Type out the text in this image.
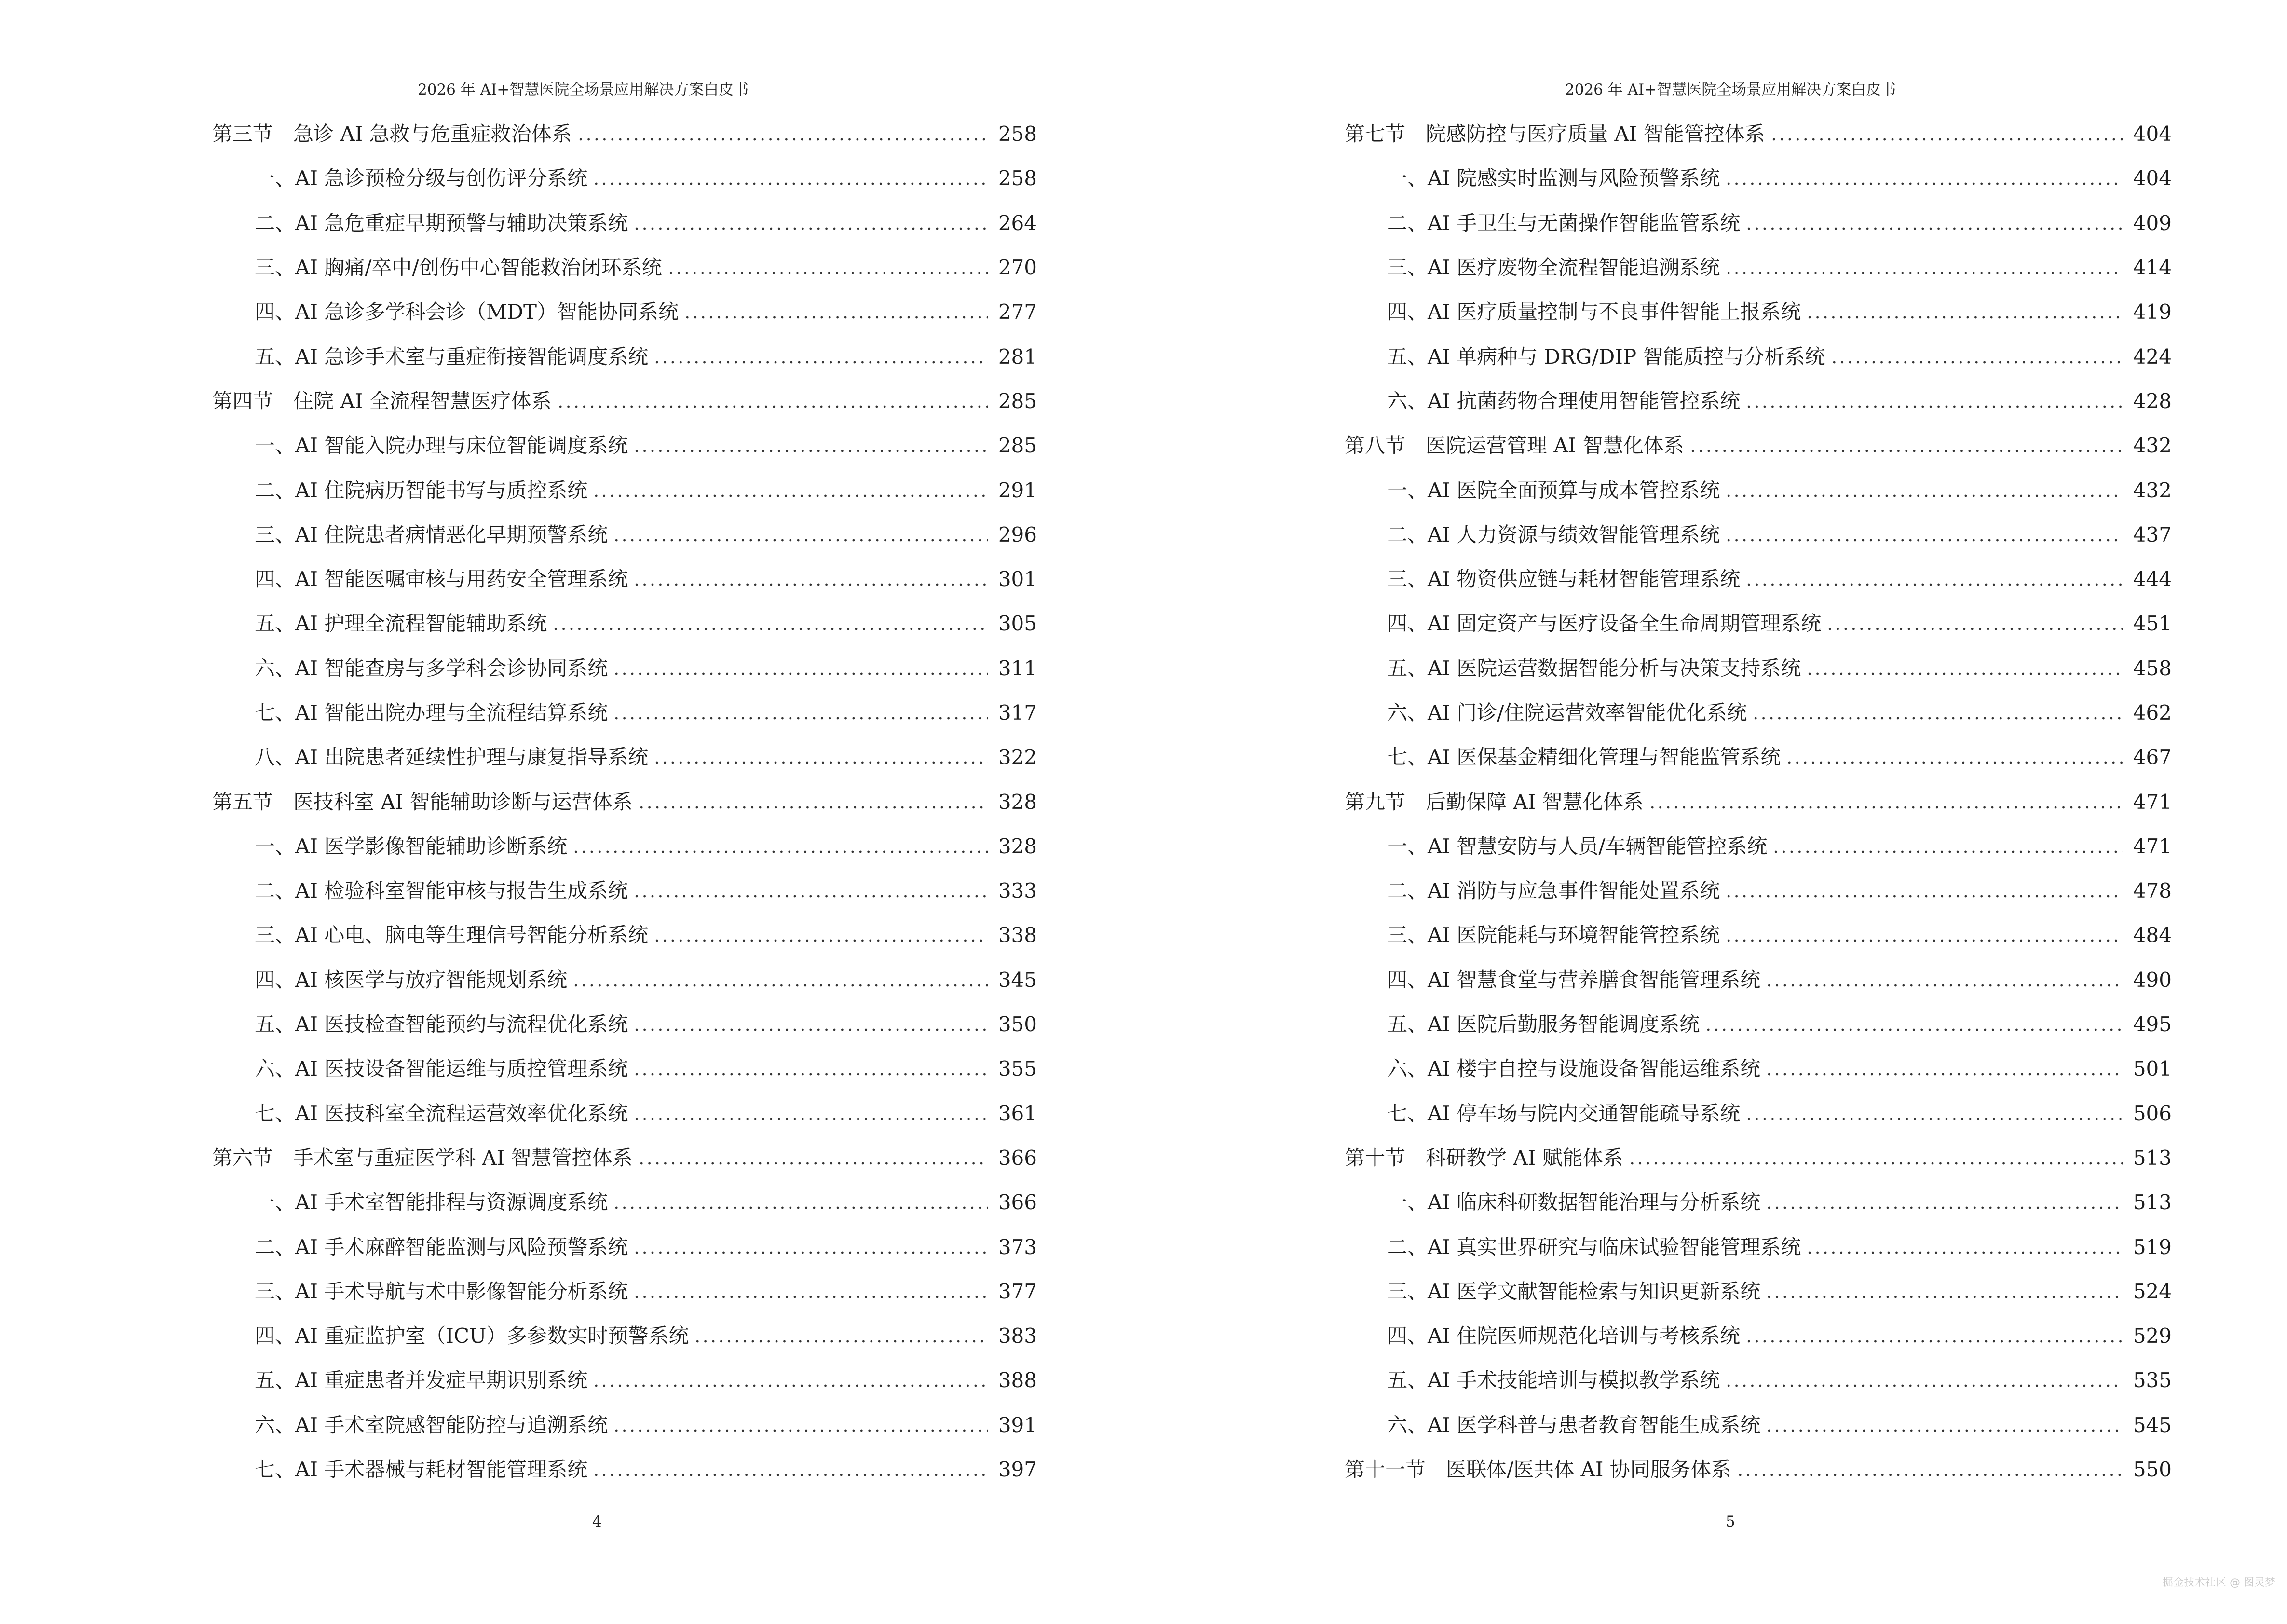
2026 年 AI+智慧医院全场景应用解决方案白皮书
第三节　急诊 AI 急救与危重症救治体系	258
一、AI 急诊预检分级与创伤评分系统	258
二、AI 急危重症早期预警与辅助决策系统	264
三、AI 胸痛/卒中/创伤中心智能救治闭环系统	270
四、AI 急诊多学科会诊（MDT）智能协同系统	277
五、AI 急诊手术室与重症衔接智能调度系统	281
第四节　住院 AI 全流程智慧医疗体系	285
一、AI 智能入院办理与床位智能调度系统	285
二、AI 住院病历智能书写与质控系统	291
三、AI 住院患者病情恶化早期预警系统	296
四、AI 智能医嘱审核与用药安全管理系统	301
五、AI 护理全流程智能辅助系统	305
六、AI 智能查房与多学科会诊协同系统	311
七、AI 智能出院办理与全流程结算系统	317
八、AI 出院患者延续性护理与康复指导系统	322
第五节　医技科室 AI 智能辅助诊断与运营体系	328
一、AI 医学影像智能辅助诊断系统	328
二、AI 检验科室智能审核与报告生成系统	333
三、AI 心电、脑电等生理信号智能分析系统	338
四、AI 核医学与放疗智能规划系统	345
五、AI 医技检查智能预约与流程优化系统	350
六、AI 医技设备智能运维与质控管理系统	355
七、AI 医技科室全流程运营效率优化系统	361
第六节　手术室与重症医学科 AI 智慧管控体系	366
一、AI 手术室智能排程与资源调度系统	366
二、AI 手术麻醉智能监测与风险预警系统	373
三、AI 手术导航与术中影像智能分析系统	377
四、AI 重症监护室（ICU）多参数实时预警系统	383
五、AI 重症患者并发症早期识别系统	388
六、AI 手术室院感智能防控与追溯系统	391
七、AI 手术器械与耗材智能管理系统	397
4
2026 年 AI+智慧医院全场景应用解决方案白皮书
第七节　院感防控与医疗质量 AI 智能管控体系	404
一、AI 院感实时监测与风险预警系统	404
二、AI 手卫生与无菌操作智能监管系统	409
三、AI 医疗废物全流程智能追溯系统	414
四、AI 医疗质量控制与不良事件智能上报系统	419
五、AI 单病种与 DRG/DIP 智能质控与分析系统	424
六、AI 抗菌药物合理使用智能管控系统	428
第八节　医院运营管理 AI 智慧化体系	432
一、AI 医院全面预算与成本管控系统	432
二、AI 人力资源与绩效智能管理系统	437
三、AI 物资供应链与耗材智能管理系统	444
四、AI 固定资产与医疗设备全生命周期管理系统	451
五、AI 医院运营数据智能分析与决策支持系统	458
六、AI 门诊/住院运营效率智能优化系统	462
七、AI 医保基金精细化管理与智能监管系统	467
第九节　后勤保障 AI 智慧化体系	471
一、AI 智慧安防与人员/车辆智能管控系统	471
二、AI 消防与应急事件智能处置系统	478
三、AI 医院能耗与环境智能管控系统	484
四、AI 智慧食堂与营养膳食智能管理系统	490
五、AI 医院后勤服务智能调度系统	495
六、AI 楼宇自控与设施设备智能运维系统	501
七、AI 停车场与院内交通智能疏导系统	506
第十节　科研教学 AI 赋能体系	513
一、AI 临床科研数据智能治理与分析系统	513
二、AI 真实世界研究与临床试验智能管理系统	519
三、AI 医学文献智能检索与知识更新系统	524
四、AI 住院医师规范化培训与考核系统	529
五、AI 手术技能培训与模拟教学系统	535
六、AI 医学科普与患者教育智能生成系统	545
第十一节　医联体/医共体 AI 协同服务体系	550
5
掘金技术社区 @ 图灵梦
